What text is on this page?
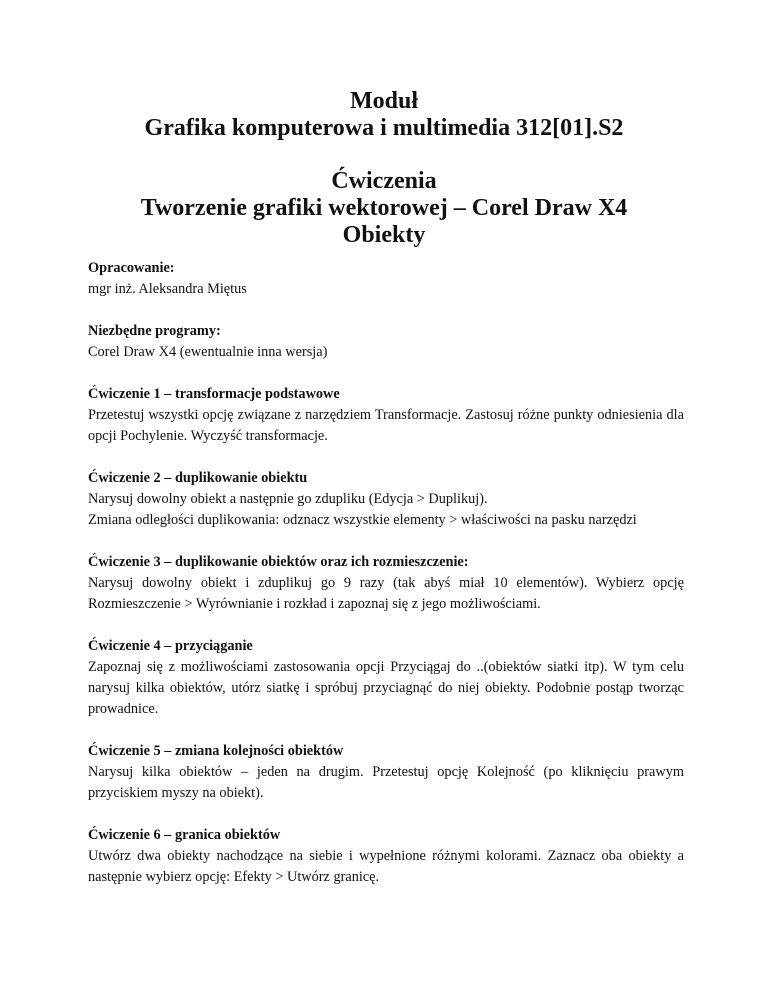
Moduł
Grafika komputerowa i multimedia 312[01].S2
Ćwiczenia
Tworzenie grafiki wektorowej – Corel Draw X4
Obiekty
Opracowanie:
mgr inż. Aleksandra Miętus
Niezbędne programy:
Corel Draw X4 (ewentualnie inna wersja)
Ćwiczenie 1 – transformacje podstawowe
Przetestuj wszystki opcję związane z narzędziem Transformacje. Zastosuj różne punkty odniesienia dla opcji Pochylenie. Wyczyść transformacje.
Ćwiczenie 2 – duplikowanie obiektu
Narysuj dowolny obiekt a następnie go zdupliku (Edycja > Duplikuj).
Zmiana odległości duplikowania: odznacz wszystkie elementy > właściwości na pasku narzędzi
Ćwiczenie 3 – duplikowanie obiektów oraz ich rozmieszczenie:
Narysuj dowolny obiekt i zduplikuj go 9 razy (tak abyś miał 10 elementów). Wybierz opcję Rozmieszczenie > Wyrównianie i rozkład i zapoznaj się z jego możliwościami.
Ćwiczenie 4 – przyciąganie
Zapoznaj się z możliwościami zastosowania opcji Przyciągaj do ..(obiektów siatki itp). W tym celu narysuj kilka obiektów, utórz siatkę i spróbuj przyciagnąć do niej obiekty. Podobnie postąp tworząc prowadnice.
Ćwiczenie 5 – zmiana kolejności obiektów
Narysuj kilka obiektów – jeden na drugim. Przetestuj opcję Kolejność (po kliknięciu prawym przyciskiem myszy na obiekt).
Ćwiczenie 6 – granica obiektów
Utwórz dwa obiekty nachodzące na siebie i wypełnione różnymi kolorami. Zaznacz oba obiekty a następnie wybierz opcję: Efekty > Utwórz granicę.
